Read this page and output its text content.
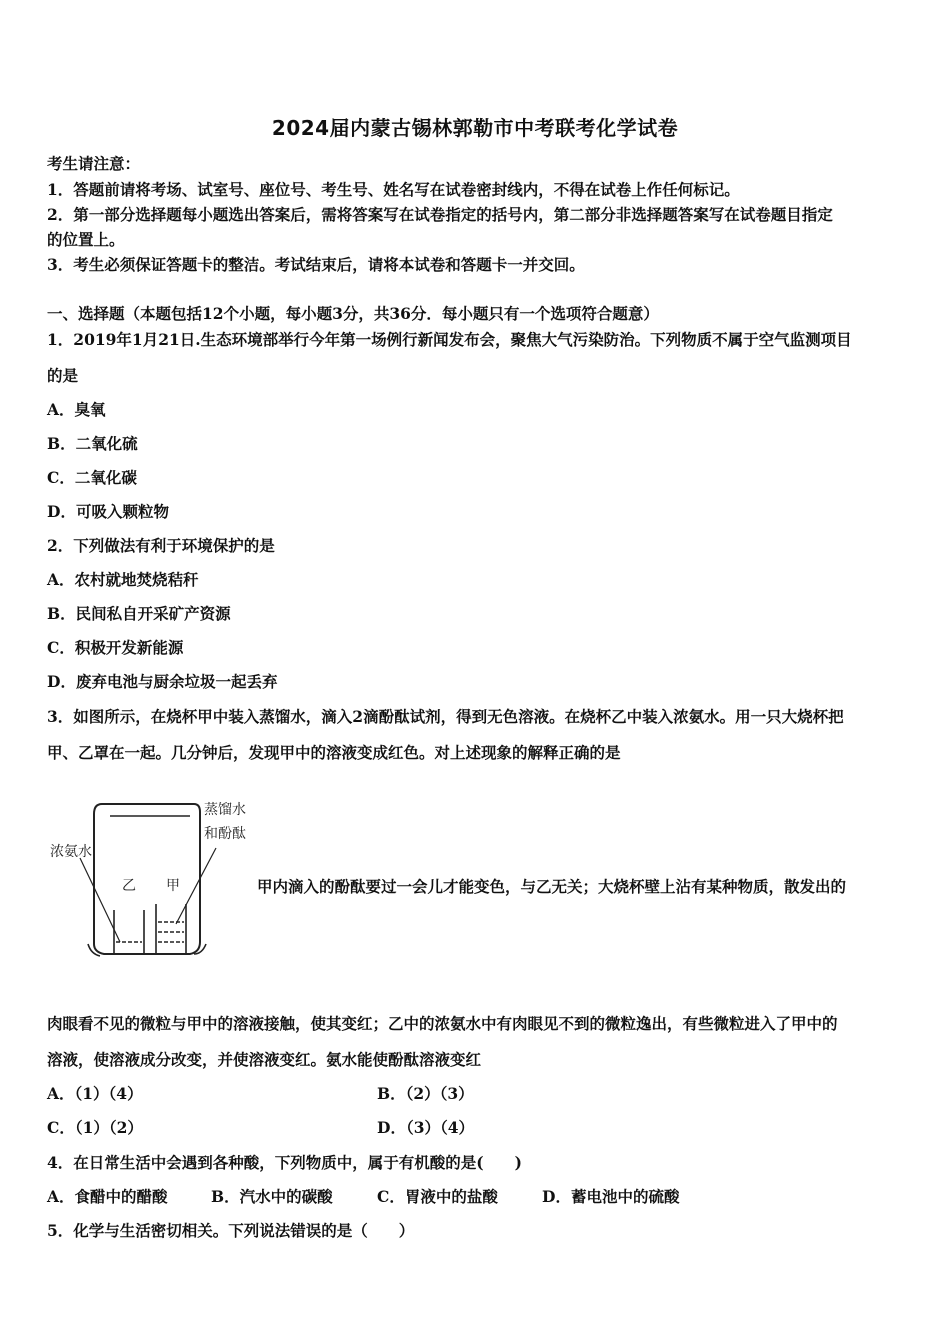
2024届内蒙古锡林郭勒市中考联考化学试卷
考生请注意：
1．答题前请将考场、试室号、座位号、考生号、姓名写在试卷密封线内，不得在试卷上作任何标记。
2．第一部分选择题每小题选出答案后，需将答案写在试卷指定的括号内，第二部分非选择题答案写在试卷题目指定
的位置上。
3．考生必须保证答题卡的整洁。考试结束后，请将本试卷和答题卡一并交回。
一、选择题（本题包括12个小题，每小题3分，共36分．每小题只有一个选项符合题意）
1．2019年1月21日.生态环境部举行今年第一场例行新闻发布会，聚焦大气污染防治。下列物质不属于空气监测项目
的是
A．臭氧
B．二氧化硫
C．二氧化碳
D．可吸入颗粒物
2．下列做法有利于环境保护的是
A．农村就地焚烧秸秆
B．民间私自开采矿产资源
C．积极开发新能源
D．废弃电池与厨余垃圾一起丢弃
3．如图所示，在烧杯甲中装入蒸馏水，滴入2滴酚酞试剂，得到无色溶液。在烧杯乙中装入浓氨水。用一只大烧杯把
甲、乙罩在一起。几分钟后，发现甲中的溶液变成红色。对上述现象的解释正确的是
蒸馏水
和酚酞
浓氨水
乙 甲	甲内滴入的酚酞要过一会儿才能变色，与乙无关；大烧杯壁上沾有某种物质，散发出的
肉眼看不见的微粒与甲中的溶液接触，使其变红；乙中的浓氨水中有肉眼见不到的微粒逸出，有些微粒进入了甲中的
溶液，使溶液成分改变，并使溶液变红。氨水能使酚酞溶液变红
A．（1）（4）	B．（2）（3）
C．（1）（2）	D．（3）（4）
4．在日常生活中会遇到各种酸，下列物质中，属于有机酸的是(　　)
A．食醋中的醋酸	B．汽水中的碳酸	C．胃液中的盐酸	D．蓄电池中的硫酸
5．化学与生活密切相关。下列说法错误的是（　　）
